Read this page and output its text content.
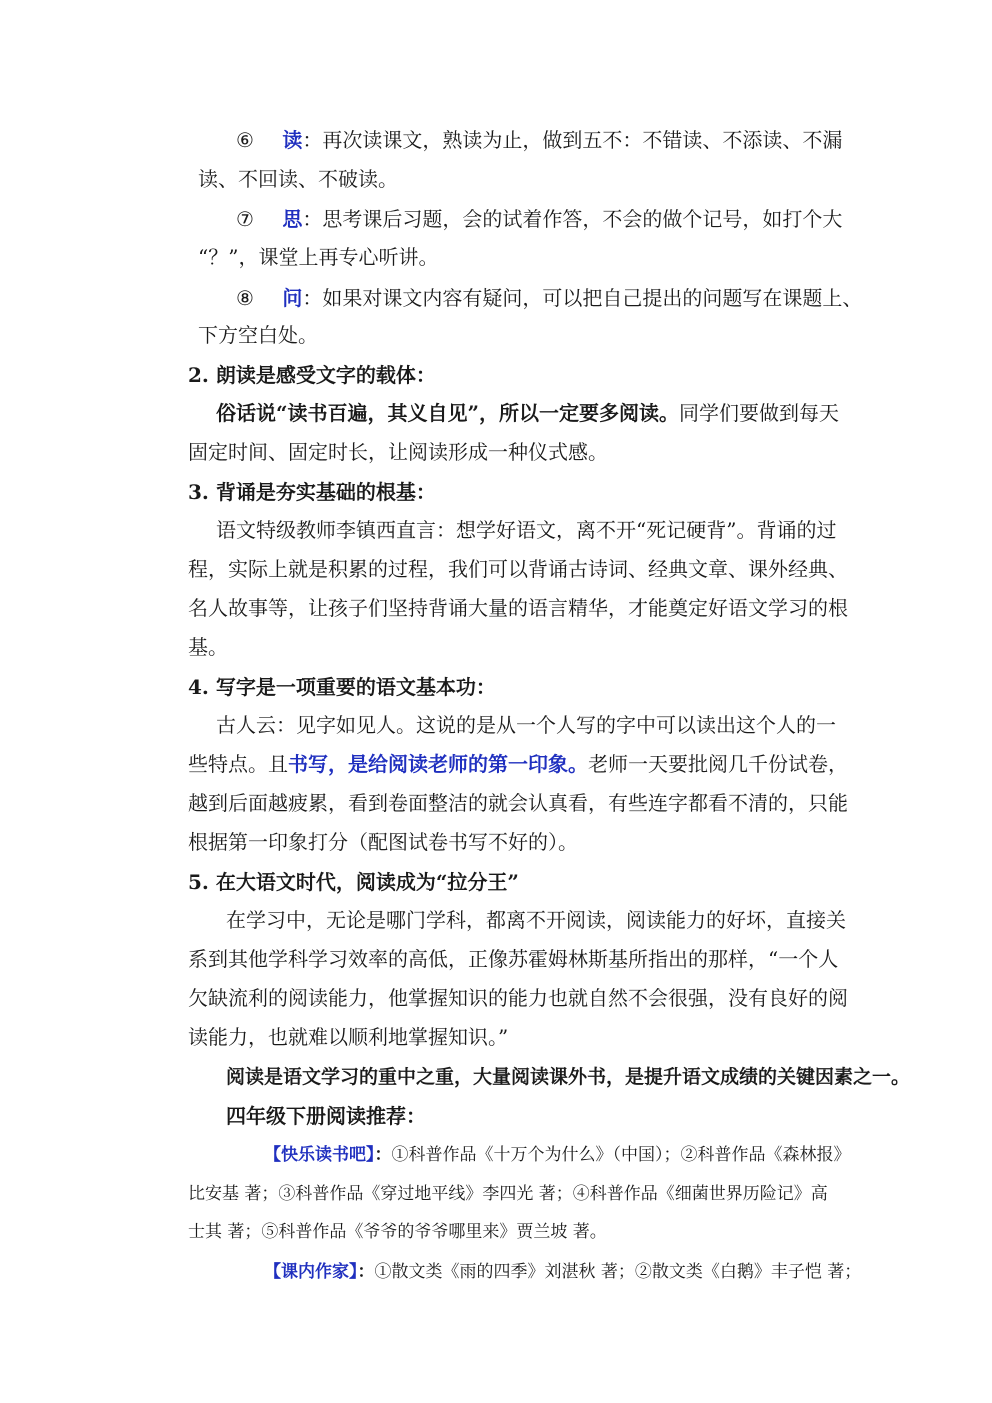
⑥ 读：再次读课文，熟读为止，做到五不：不错读、不添读、不漏
读、不回读、不破读。
⑦ 思：思考课后习题，会的试着作答，不会的做个记号，如打个大
“？”，课堂上再专心听讲。
⑧ 问：如果对课文内容有疑问，可以把自己提出的问题写在课题上、
下方空白处。
2. 朗读是感受文字的载体：
俗话说“读书百遍，其义自见”，所以一定要多阅读。同学们要做到每天
固定时间、固定时长，让阅读形成一种仪式感。
3. 背诵是夯实基础的根基：
语文特级教师李镇西直言：想学好语文，离不开“死记硬背”。背诵的过
程，实际上就是积累的过程，我们可以背诵古诗词、经典文章、课外经典、
名人故事等，让孩子们坚持背诵大量的语言精华，才能奠定好语文学习的根
基。
4. 写字是一项重要的语文基本功：
古人云：见字如见人。这说的是从一个人写的字中可以读出这个人的一
些特点。且书写，是给阅读老师的第一印象。老师一天要批阅几千份试卷，
越到后面越疲累，看到卷面整洁的就会认真看，有些连字都看不清的，只能
根据第一印象打分（配图试卷书写不好的）。
5. 在大语文时代，阅读成为“拉分王”
在学习中，无论是哪门学科，都离不开阅读，阅读能力的好坏，直接关
系到其他学科学习效率的高低，正像苏霍姆林斯基所指出的那样，“一个人
欠缺流利的阅读能力，他掌握知识的能力也就自然不会很强，没有良好的阅
读能力，也就难以顺利地掌握知识。”
阅读是语文学习的重中之重，大量阅读课外书，是提升语文成绩的关键因素之一。
四年级下册阅读推荐：
【快乐读书吧】：①科普作品《十万个为什么》（中国）；②科普作品《森林报》
比安基 著；③科普作品《穿过地平线》李四光 著；④科普作品《细菌世界历险记》高
士其 著；⑤科普作品《爷爷的爷爷哪里来》贾兰坡 著。
【课内作家】：①散文类《雨的四季》刘湛秋 著；②散文类《白鹅》丰子恺 著；
